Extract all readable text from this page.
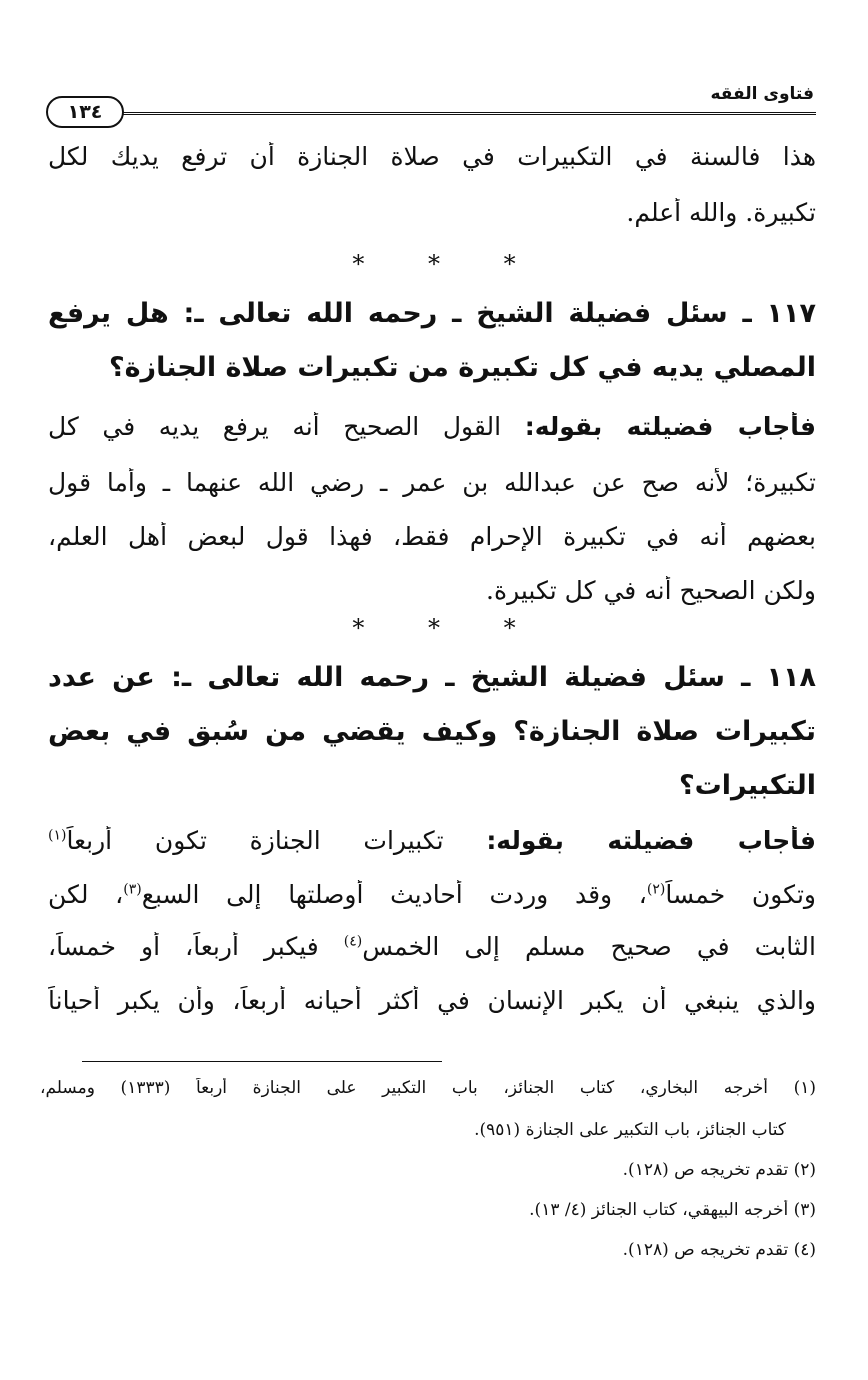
فتاوى الفقه
١٣٤
هذا فالسنة في التكبيرات في صلاة الجنازة أن ترفع يديك لكل
تكبيرة. والله أعلم.
* * *
١١٧ ـ سئل فضيلة الشيخ ـ رحمه الله تعالى ـ: هل يرفع
المصلي يديه في كل تكبيرة من تكبيرات صلاة الجنازة؟
فأجاب فضيلته بقوله: القول الصحيح أنه يرفع يديه في كل
تكبيرة؛ لأنه صح عن عبدالله بن عمر ـ رضي الله عنهما ـ وأما قول
بعضهم أنه في تكبيرة الإحرام فقط، فهذا قول لبعض أهل العلم،
ولكن الصحيح أنه في كل تكبيرة.
* * *
١١٨ ـ سئل فضيلة الشيخ ـ رحمه الله تعالى ـ: عن عدد
تكبيرات صلاة الجنازة؟ وكيف يقضي من سُبق في بعض
التكبيرات؟
فأجاب فضيلته بقوله: تكبيرات الجنازة تكون أربعاً$^{(١)}$
وتكون خمساً$^{(٢)}$، وقد وردت أحاديث أوصلتها إلى السبع$^{(٣)}$، لكن
الثابت في صحيح مسلم إلى الخمس$^{(٤)}$ فيكبر أربعاً، أو خمساً،
والذي ينبغي أن يكبر الإنسان في أكثر أحيانه أربعاً، وأن يكبر أحياناً
(١) أخرجه البخاري، كتاب الجنائز، باب التكبير على الجنازة أربعاً (١٣٣٣) ومسلم،
كتاب الجنائز، باب التكبير على الجنازة (٩٥١).
(٢) تقدم تخريجه ص (١٢٨).
(٣) أخرجه البيهقي، كتاب الجنائز (٤/ ١٣).
(٤) تقدم تخريجه ص (١٢٨).
